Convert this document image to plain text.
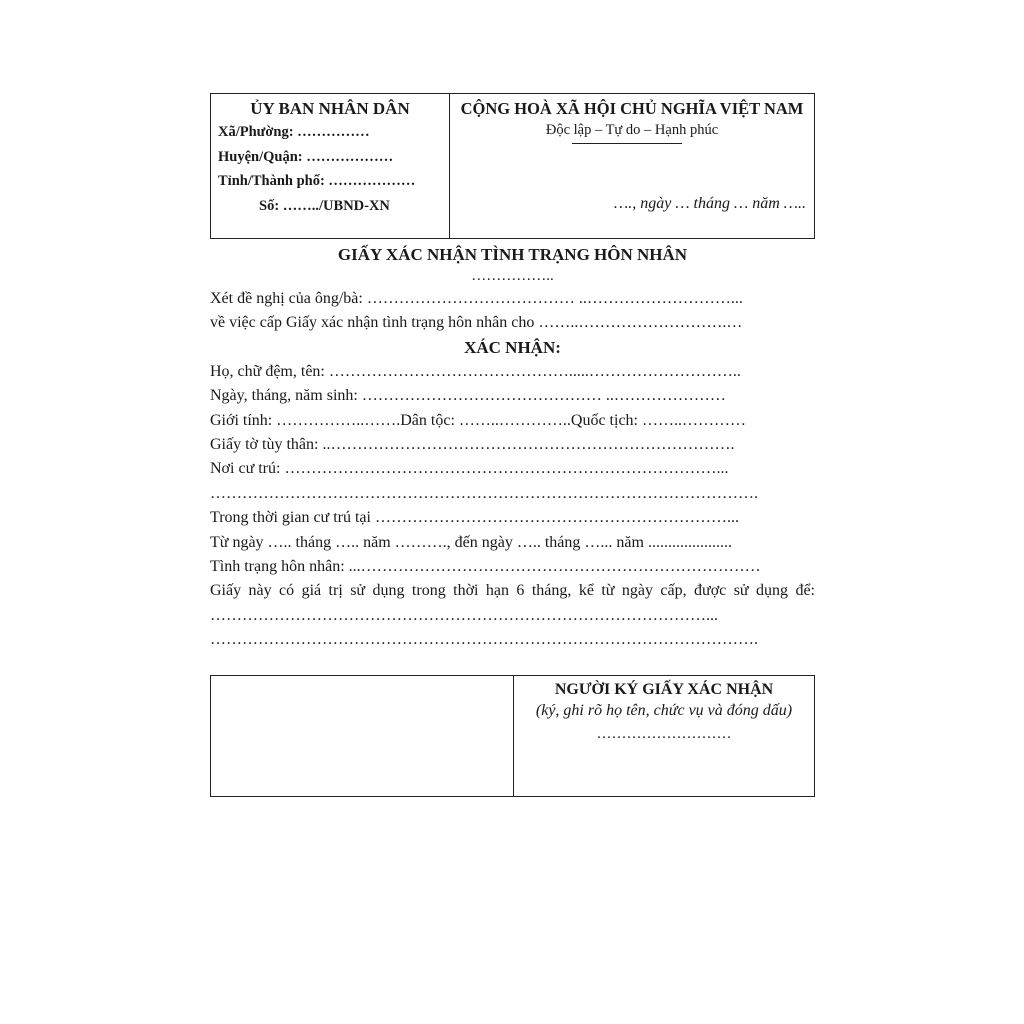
ỦY BAN NHÂN DÂN
Xã/Phường: ……………
Huyện/Quận: ………………
Tỉnh/Thành phố: ………………
Số: ……../UBND-XN

CỘNG HOÀ XÃ HỘI CHỦ NGHĨA VIỆT NAM
Độc lập – Tự do – Hạnh phúc
…., ngày … tháng … năm …..
GIẤY XÁC NHẬN TÌNH TRẠNG HÔN NHÂN
……………..
Xét đề nghị của ông/bà: ………………………………… ..………………………...
về việc cấp Giấy xác nhận tình trạng hôn nhân cho ……..……………………….…
XÁC NHẬN:
Họ, chữ đệm, tên: ……………………………………….....………………………..
Ngày, tháng, năm sinh: ……………………………………… ..…………………
Giới tính: ……………..…….Dân tộc: ……..…………..Quốc tịch: ……..…………
Giấy tờ tùy thân: ..………………………………………………………………….
Nơi cư trú: ………………………………………………………………………...
………………………………………………………………………………………….
Trong thời gian cư trú tại …………………………………………………………...
Từ ngày ….. tháng ….. năm ………., đến ngày ….. tháng …... năm .....................
Tình trạng hôn nhân: ...…………………………………………………………………
Giấy này có giá trị sử dụng trong thời hạn 6 tháng, kể từ ngày cấp, được sử dụng để: …………………………………………………………………………………...
………………………………………………………………………………………….

NGƯỜI KÝ GIẤY XÁC NHẬN
(ký, ghi rõ họ tên, chức vụ và đóng dấu)
………………………
